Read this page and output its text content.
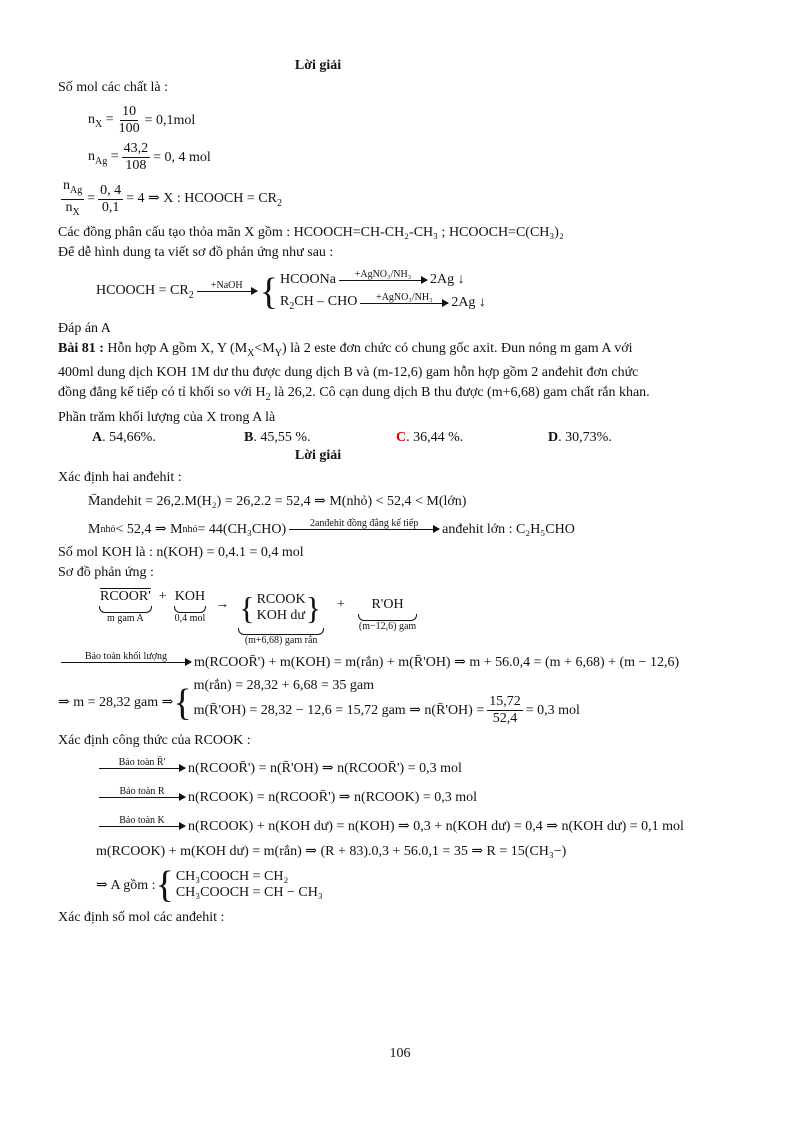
Lời giải
Số mol các chất là :
$n_X = \frac{10}{100} = 0,1mol$
$n_{Ag} = \frac{43,2}{108} = 0$, 4 mol
$\frac{n_{Ag}}{n_X} = \frac{0, 4}{0,1} = 4$ ⇒ X : HCOOCH = $CR_2$
Các đồng phân cấu tạo thỏa mãn X gồm : HCOOCH=CH-CH₂-CH₃ ; HCOOCH=C(CH₃)₂
Để dễ hình dung ta viết sơ đồ phản ứng như sau :
HCOOCH = $CR_2$
+NaOH
{ HCOONa	+AgNO₃/NH₃
2Ag ↓
$R_2CH$ – CHO	+AgNO₃/NH₃
2Ag ↓
Đáp án A
Bài 81 : Hỗn hợp A gồm X, Y $(M_X<M_Y)$ là 2 este đơn chức có chung gốc axit. Đun nóng m gam A với
400ml dung dịch KOH 1M dư thu được dung dịch B và (m-12,6) gam hỗn hợp gồm 2 anđehit đơn chức
đồng đẳng kế tiếp có tỉ khối so với $H_2$ là 26,2. Cô cạn dung dịch B thu được (m+6,68) gam chất rắn khan.
Phần trăm khối lượng của X trong A là
A. 54,66%.	B. 45,55 %.	C. 36,44 %.	D. 30,73%.
Lời giải
Xác định hai anđehit :
M̄andehit = 26,2.M(H₂) = 26,2.2 = 52,4 ⇒ M(nhỏ) < 52,4 < M(lớn)
M nhỏ < 52,4 ⇒ M nhỏ = 44(CH₃CHO)	2anđehit đồng đẳng kế tiếp
anđehit lớn : C₂H₅CHO
Số mol KOH là : n(KOH) = 0,4.1 = 0,4 mol
Sơ đồ phản ứng :
RCOOR'
m gam A
+ KOH
0,4 mol
→ { RCOOK
KOH dư }
(m+6,68) gam rắn
+ R'OH
(m−12,6) gam
Bảo toàn khối lượng
m(RCOOR̄') + m(KOH) = m(rắn) + m(R̄'OH) ⇒ m + 56.0,4 = (m + 6,68) + (m − 12,6)
⇒ m = 28,32 gam ⇒ { m(rắn) = 28,32 + 6,68 = 35 gam
m(R̄'OH) = 28,32 − 12,6 = 15,72 gam ⇒ n(R̄'OH) = $\frac{15,72}{52,4} = 0,3$ mol
Xác định công thức của RCOOK :
Bảo toàn R̄'
n(RCOOR̄') = n(R̄'OH) ⇒ n(RCOOR̄') = 0,3 mol
Bảo toàn R
n(RCOOK) = n(RCOOR̄') ⇒ n(RCOOK) = 0,3 mol
Bảo toàn K
n(RCOOK) + n(KOH dư) = n(KOH) ⇒ 0,3 + n(KOH dư) = 0,4 ⇒ n(KOH dư) = 0,1 mol
m(RCOOK) + m(KOH dư) = m(rắn) ⇒ (R + 83).0,3 + 56.0,1 = 35 ⇒ R = 15(CH₃−)
⇒ A gồm : { CH₃COOCH = CH₂
CH₃COOCH = CH − CH₃
Xác định số mol các anđehit :
106
